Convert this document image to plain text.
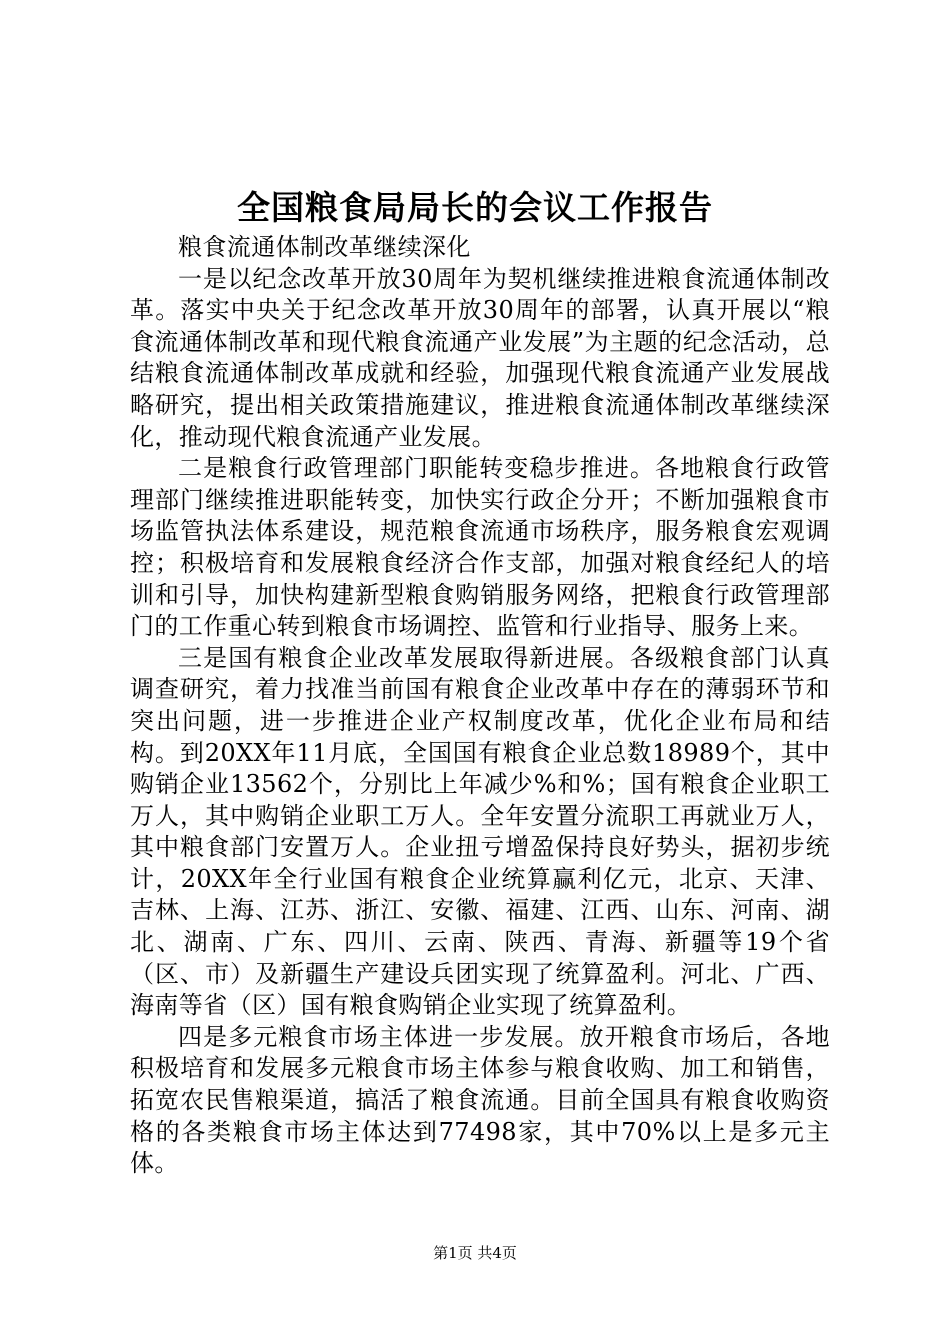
全国粮食局局长的会议工作报告

粮食流通体制改革继续深化

一是以纪念改革开放30周年为契机继续推进粮食流通体制改革。落实中央关于纪念改革开放30周年的部署，认真开展以“粮食流通体制改革和现代粮食流通产业发展”为主题的纪念活动，总结粮食流通体制改革成就和经验，加强现代粮食流通产业发展战略研究，提出相关政策措施建议，推进粮食流通体制改革继续深化，推动现代粮食流通产业发展。

二是粮食行政管理部门职能转变稳步推进。各地粮食行政管理部门继续推进职能转变，加快实行政企分开；不断加强粮食市场监管执法体系建设，规范粮食流通市场秩序，服务粮食宏观调控；积极培育和发展粮食经济合作支部，加强对粮食经纪人的培训和引导，加快构建新型粮食购销服务网络，把粮食行政管理部门的工作重心转到粮食市场调控、监管和行业指导、服务上来。

三是国有粮食企业改革发展取得新进展。各级粮食部门认真调查研究，着力找准当前国有粮食企业改革中存在的薄弱环节和突出问题，进一步推进企业产权制度改革，优化企业布局和结构。到20XX年11月底，全国国有粮食企业总数18989个，其中购销企业13562个，分别比上年减少%和%；国有粮食企业职工万人，其中购销企业职工万人。全年安置分流职工再就业万人，其中粮食部门安置万人。企业扭亏增盈保持良好势头，据初步统计，20XX年全行业国有粮食企业统算赢利亿元，北京、天津、吉林、上海、江苏、浙江、安徽、福建、江西、山东、河南、湖北、湖南、广东、四川、云南、陕西、青海、新疆等19个省（区、市）及新疆生产建设兵团实现了统算盈利。河北、广西、海南等省（区）国有粮食购销企业实现了统算盈利。

四是多元粮食市场主体进一步发展。放开粮食市场后，各地积极培育和发展多元粮食市场主体参与粮食收购、加工和销售，拓宽农民售粮渠道，搞活了粮食流通。目前全国具有粮食收购资格的各类粮食市场主体达到77498家，其中70%以上是多元主体。

第1页 共4页
